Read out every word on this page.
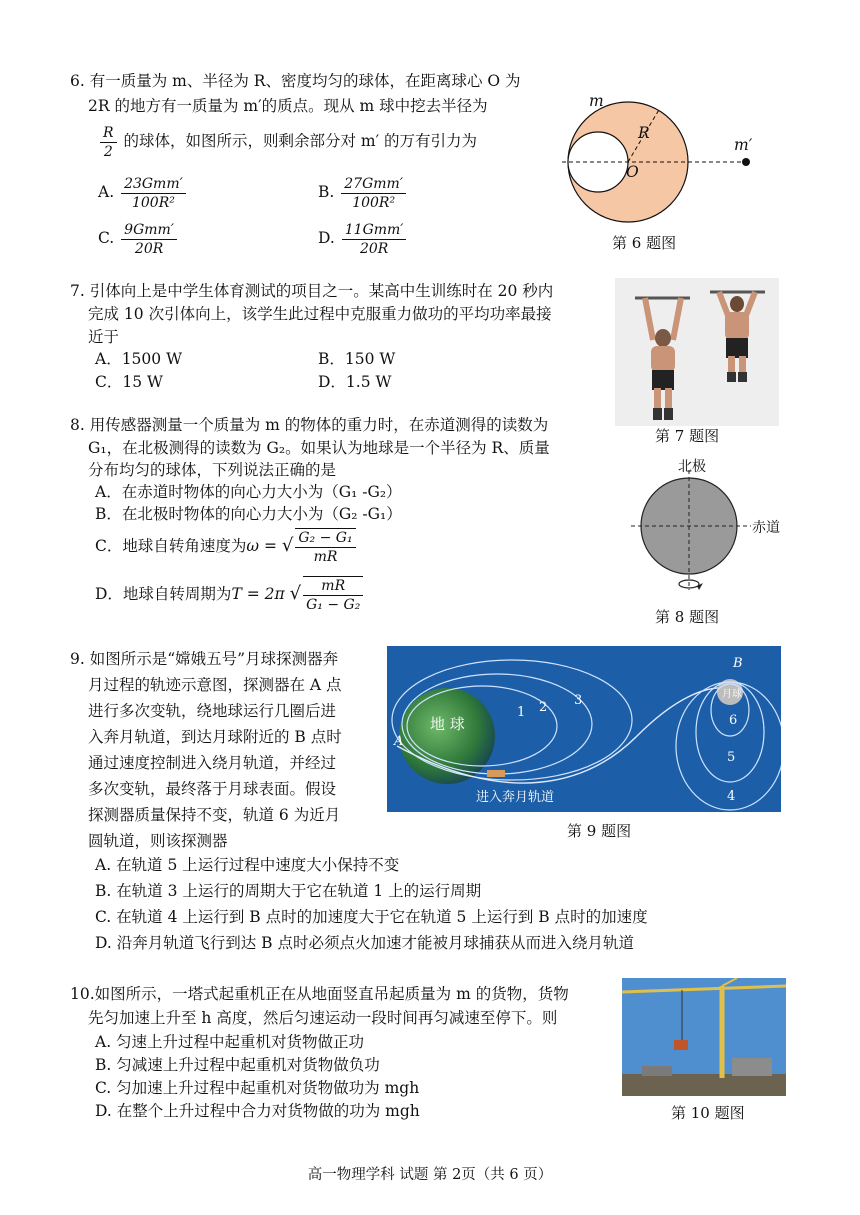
6. 有一质量为 m、半径为 R、密度均匀的球体，在距离球心 O 为
2R 的地方有一质量为 m′的质点。现从 m 球中挖去半径为
$\frac{R}{2}$ 的球体，如图所示，则剩余部分对 m′ 的万有引力为
A. $\frac{\text{23Gmm′}}{\text{100R²}}$	B. $\frac{\text{27Gmm′}}{\text{100R²}}$
C. $\frac{\text{9Gmm′}}{20R}$	D. $\frac{\text{11Gmm′}}{20R}$
m
R
O
m′
第 6 题图
7. 引体向上是中学生体育测试的项目之一。某高中生训练时在 20 秒内
完成 10 次引体向上，该学生此过程中克服重力做功的平均功率最接
近于
A．1500 W	B．150 W
C．15 W	D．1.5 W
第 7 题图
8. 用传感器测量一个质量为 m 的物体的重力时，在赤道测得的读数为
G₁，在北极测得的读数为 G₂。如果认为地球是一个半径为 R、质量
分布均匀的球体，下列说法正确的是
A．在赤道时物体的向心力大小为（G₁ -G₂）
B．在北极时物体的向心力大小为（G₂ -G₁）
C．地球自转角速度为ω = √ $\frac{\text{G₂ − G₁}}{mR}$
D．地球自转周期为T = 2π √ $\frac{mR}{\text{G₁ − G₂}}$
北极
赤道
第 8 题图
9. 如图所示是“嫦娥五号”月球探测器奔
月过程的轨迹示意图，探测器在 A 点
进行多次变轨，绕地球运行几圈后进
入奔月轨道，到达月球附近的 B 点时
通过速度控制进入绕月轨道，并经过
多次变轨，最终落于月球表面。假设
探测器质量保持不变，轨道 6 为近月
圆轨道，则该探测器
A. 在轨道 5 上运行过程中速度大小保持不变
B. 在轨道 3 上运行的周期大于它在轨道 1 上的运行周期
C. 在轨道 4 上运行到 B 点时的加速度大于它在轨道 5 上运行到 B 点时的加速度
D. 沿奔月轨道飞行到达 B 点时必须点火加速才能被月球捕获从而进入绕月轨道
地 球
月球
进入奔月轨道
A
B
1 2 3
4
5
6
第 9 题图
10.如图所示，一塔式起重机正在从地面竖直吊起质量为 m 的货物，货物
先匀加速上升至 h 高度，然后匀速运动一段时间再匀减速至停下。则
A. 匀速上升过程中起重机对货物做正功
B. 匀减速上升过程中起重机对货物做负功
C. 匀加速上升过程中起重机对货物做功为 mgh
D. 在整个上升过程中合力对货物做的功为 mgh	第 10 题图
高一物理学科 试题 第 2页（共 6 页）
